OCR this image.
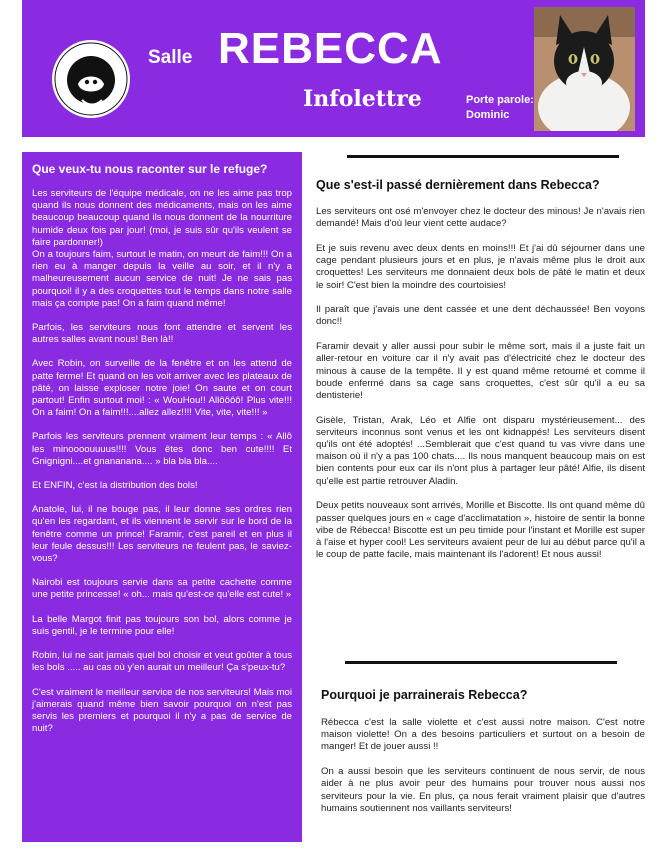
Salle REBECCA
Infolettre	Porte parole:
Dominic
Que veux-tu nous raconter sur le refuge?

Les serviteurs de l'équipe médicale, on ne les aime pas trop quand ils nous donnent des médicaments, mais on les aime beaucoup beaucoup quand ils nous donnent de la nourriture humide deux fois par jour! (moi, je suis sûr qu'ils veulent se faire pardonner!)
On a toujours faim, surtout le matin, on meurt de faim!!! On a rien eu à manger depuis la veille au soir, et il n'y a malheureusement aucun service de nuit! Je ne sais pas pourquoi! il y a des croquettes tout le temps dans notre salle mais ça compte pas! On a faim quand même!

Parfois, les serviteurs nous font attendre et servent les autres salles avant nous! Ben là!!

Avec Robin, on surveille de la fenêtre et on les attend de patte ferme! Et quand on les voit arriver avec les plateaux de pâté, on laisse exploser notre joie! On saute et on court partout! Enfin surtout moi! : « WouHou!! Allôôôô! Plus vite!!! On a faim! On a faim!!!....allez allez!!!! Vite, vite, vite!!! »

Parfois les serviteurs prennent vraiment leur temps : « Allô les minoooouuuus!!!! Vous êtes donc ben cute!!!! Et Gnignigni....et gnananana.... » bla bla bla....

Et ENFIN, c'est la distribution des bols!

Anatole, lui, il ne bouge pas, il leur donne ses ordres rien qu'en les regardant, et ils viennent le servir sur le bord de la fenêtre comme un prince! Faramir, c'est pareil et en plus il leur feule dessus!!! Les serviteurs ne feulent pas, le saviez-vous?

Nairobi est toujours servie dans sa petite cachette comme une petite princesse! « oh... mais qu'est-ce qu'elle est cute! »

La belle Margot finit pas toujours son bol, alors comme je suis gentil, je le termine pour elle!

Robin, lui ne sait jamais quel bol choisir et veut goûter à tous les bols ..... au cas où y'en aurait un meilleur! Ça s'peux-tu?

C'est vraiment le meilleur service de nos serviteurs! Mais moi j'aimerais quand même bien savoir pourquoi on n'est pas servis les premiers et pourquoi il n'y a pas de service de nuit?

Que s'est-il passé dernièrement dans Rebecca?

Les serviteurs ont osé m'envoyer chez le docteur des minous! Je n'avais rien demandé! Mais d'où leur vient cette audace?

Et je suis revenu avec deux dents en moins!!! Et j'ai dû séjourner dans une cage pendant plusieurs jours et en plus, je n'avais même plus le droit aux croquettes! Les serviteurs me donnaient deux bols de pâté le matin et deux le soir! C'est bien la moindre des courtoisies!

Il paraît que j'avais une dent cassée et une dent déchaussée! Ben voyons donc!!

Faramir devait y aller aussi pour subir le même sort, mais il a juste fait un aller-retour en voiture car il n'y avait pas d'électricité chez le docteur des minous à cause de la tempête. Il y est quand même retourné et comme il boude enfermé dans sa cage sans croquettes, c'est sûr qu'il a eu sa dentisterie!

Gisèle, Tristan, Arak, Léo et Alfie ont disparu mystérieusement... des serviteurs inconnus sont venus et les ont kidnappés! Les serviteurs disent qu'ils ont été adoptés! ...Semblerait que c'est quand tu vas vivre dans une maison où il n'y a pas 100 chats.... Ils nous manquent beaucoup mais on est bien contents pour eux car ils n'ont plus à partager leur pâté! Alfie, ils disent qu'elle est partie retrouver Aladin.

Deux petits nouveaux sont arrivés, Morille et Biscotte. Ils ont quand même dû passer quelques jours en « cage d'acclimatation », histoire de sentir la bonne vibe de Rébecca! Biscotte est un peu timide pour l'instant et Morille est super à l'aise et hyper cool! Les serviteurs avaient peur de lui au début parce qu'il a le coup de patte facile, mais maintenant ils l'adorent! Et nous aussi!

Pourquoi je parrainerais Rebecca?

Rébecca c'est la salle violette et c'est aussi notre maison. C'est notre maison violette! On a des besoins particuliers et surtout on a besoin de manger! Et de jouer aussi !!

On a aussi besoin que les serviteurs continuent de nous servir, de nous aider à ne plus avoir peur des humains pour trouver nous aussi nos serviteurs pour la vie. En plus, ça nous ferait vraiment plaisir que d'autres humains soutiennent nos vaillants serviteurs!
